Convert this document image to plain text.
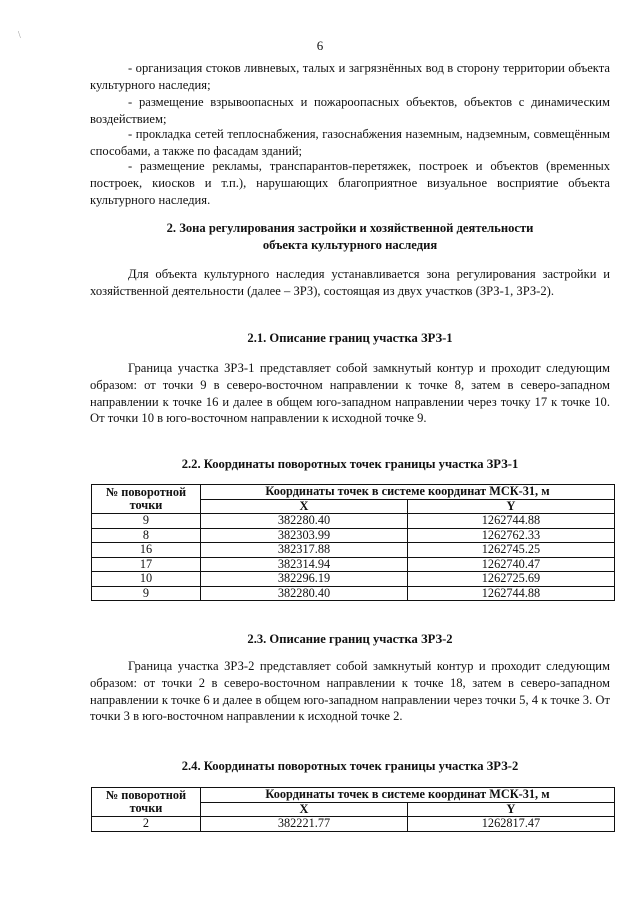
6
- организация стоков ливневых, талых и загрязнённых вод в сторону территории объекта культурного наследия;
- размещение взрывоопасных и пожароопасных объектов, объектов с динамическим воздействием;
- прокладка сетей теплоснабжения, газоснабжения наземным, надземным, совмещённым способами, а также по фасадам зданий;
- размещение рекламы, транспарантов-перетяжек, построек и объектов (временных построек, киосков и т.п.), нарушающих благоприятное визуальное восприятие объекта культурного наследия.
2. Зона регулирования застройки и хозяйственной деятельности
объекта культурного наследия
Для объекта культурного наследия устанавливается зона регулирования застройки и хозяйственной деятельности (далее – ЗРЗ), состоящая из двух участков (ЗРЗ-1, ЗРЗ-2).
2.1. Описание границ участка ЗРЗ-1
Граница участка ЗРЗ-1 представляет собой замкнутый контур и проходит следующим образом: от точки 9 в северо-восточном направлении к точке 8, затем в северо-западном направлении к точке 16 и далее в общем юго-западном направлении через точку 17 к точке 10. От точки 10 в юго-восточном направлении к исходной точке 9.
2.2. Координаты поворотных точек границы участка ЗРЗ-1
№ поворотной точки	Координаты точек в системе координат МСК-31, м	
	X	Y
9	382280.40	1262744.88
8	382303.99	1262762.33
16	382317.88	1262745.25
17	382314.94	1262740.47
10	382296.19	1262725.69
9	382280.40	1262744.88
2.3. Описание границ участка ЗРЗ-2
Граница участка ЗРЗ-2 представляет собой замкнутый контур и проходит следующим образом: от точки 2 в северо-восточном направлении к точке 18, затем в северо-западном направлении к точке 6 и далее в общем юго-западном направлении через точки 5, 4 к точке 3. От точки 3 в юго-восточном направлении к исходной точке 2.
2.4. Координаты поворотных точек границы участка ЗРЗ-2
№ поворотной точки	Координаты точек в системе координат МСК-31, м	
	X	Y
2	382221.77	1262817.47
\
